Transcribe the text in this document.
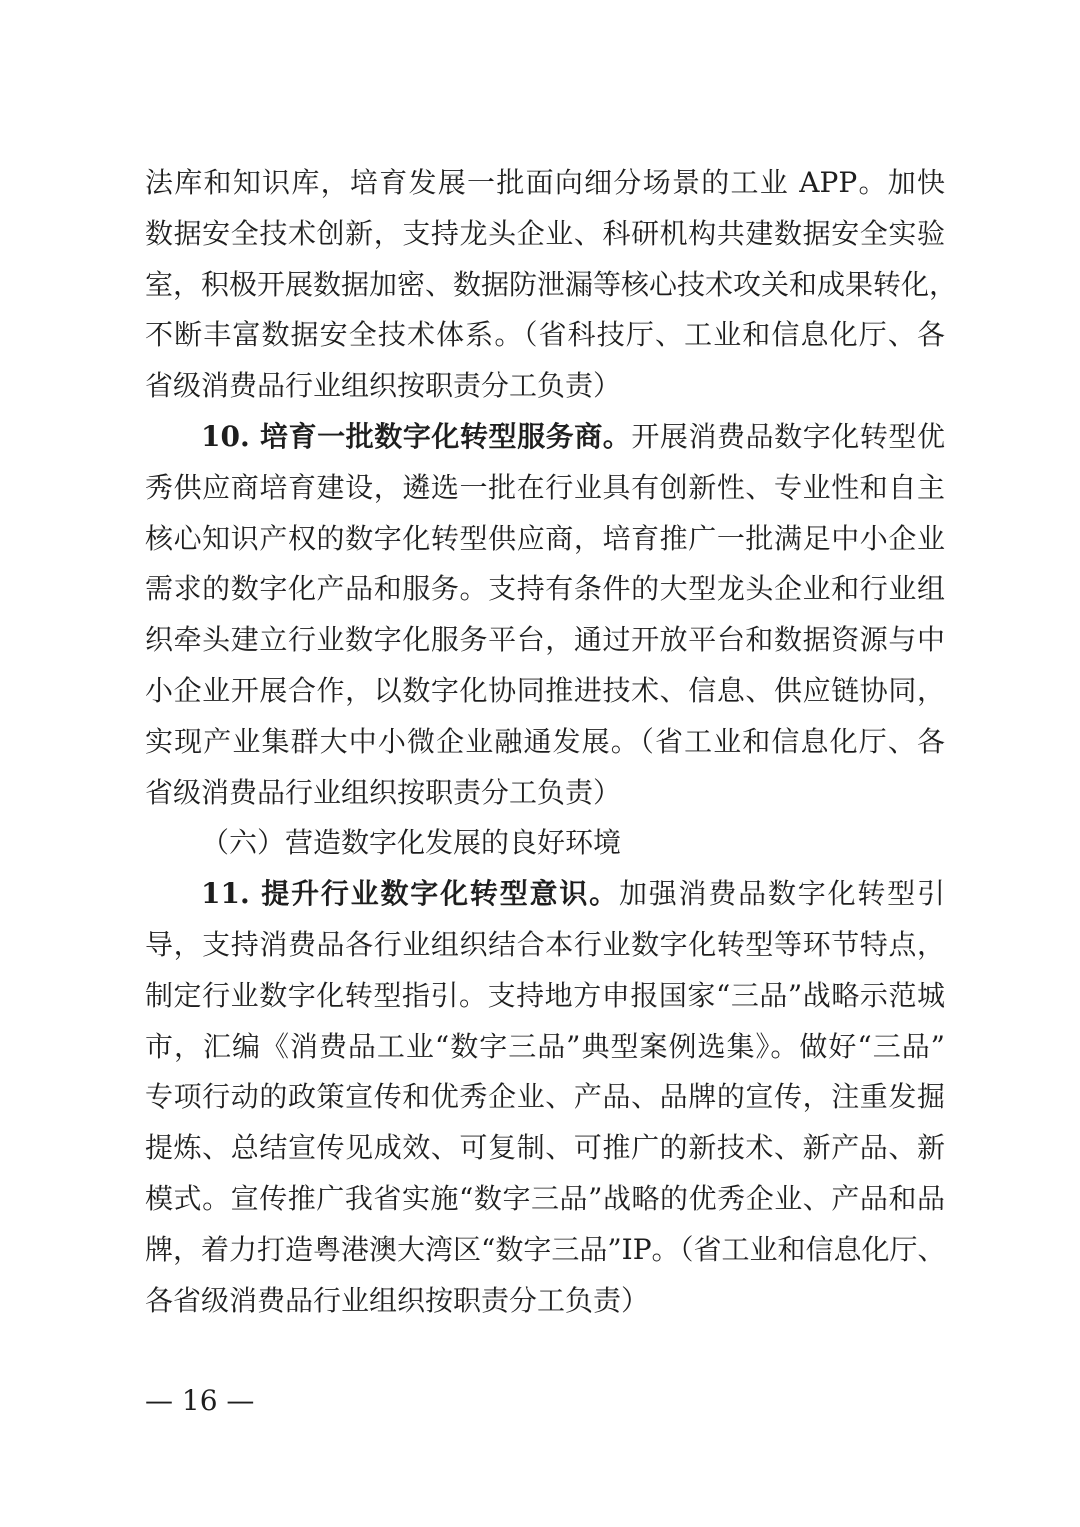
法库和知识库，培育发展一批面向细分场景的工业 APP。加快
数据安全技术创新，支持龙头企业、科研机构共建数据安全实验
室，积极开展数据加密、数据防泄漏等核心技术攻关和成果转化，
不断丰富数据安全技术体系。（省科技厅、工业和信息化厅、各
省级消费品行业组织按职责分工负责）
10. 培育一批数字化转型服务商。开展消费品数字化转型优
秀供应商培育建设，遴选一批在行业具有创新性、专业性和自主
核心知识产权的数字化转型供应商，培育推广一批满足中小企业
需求的数字化产品和服务。支持有条件的大型龙头企业和行业组
织牵头建立行业数字化服务平台，通过开放平台和数据资源与中
小企业开展合作，以数字化协同推进技术、信息、供应链协同，
实现产业集群大中小微企业融通发展。（省工业和信息化厅、各
省级消费品行业组织按职责分工负责）
（六）营造数字化发展的良好环境
11. 提升行业数字化转型意识。加强消费品数字化转型引
导，支持消费品各行业组织结合本行业数字化转型等环节特点，
制定行业数字化转型指引。支持地方申报国家“三品”战略示范城
市，汇编《消费品工业“数字三品”典型案例选集》。做好“三品”
专项行动的政策宣传和优秀企业、产品、品牌的宣传，注重发掘
提炼、总结宣传见成效、可复制、可推广的新技术、新产品、新
模式。宣传推广我省实施“数字三品”战略的优秀企业、产品和品
牌，着力打造粤港澳大湾区“数字三品”IP。（省工业和信息化厅、
各省级消费品行业组织按职责分工负责）
— 16 —
